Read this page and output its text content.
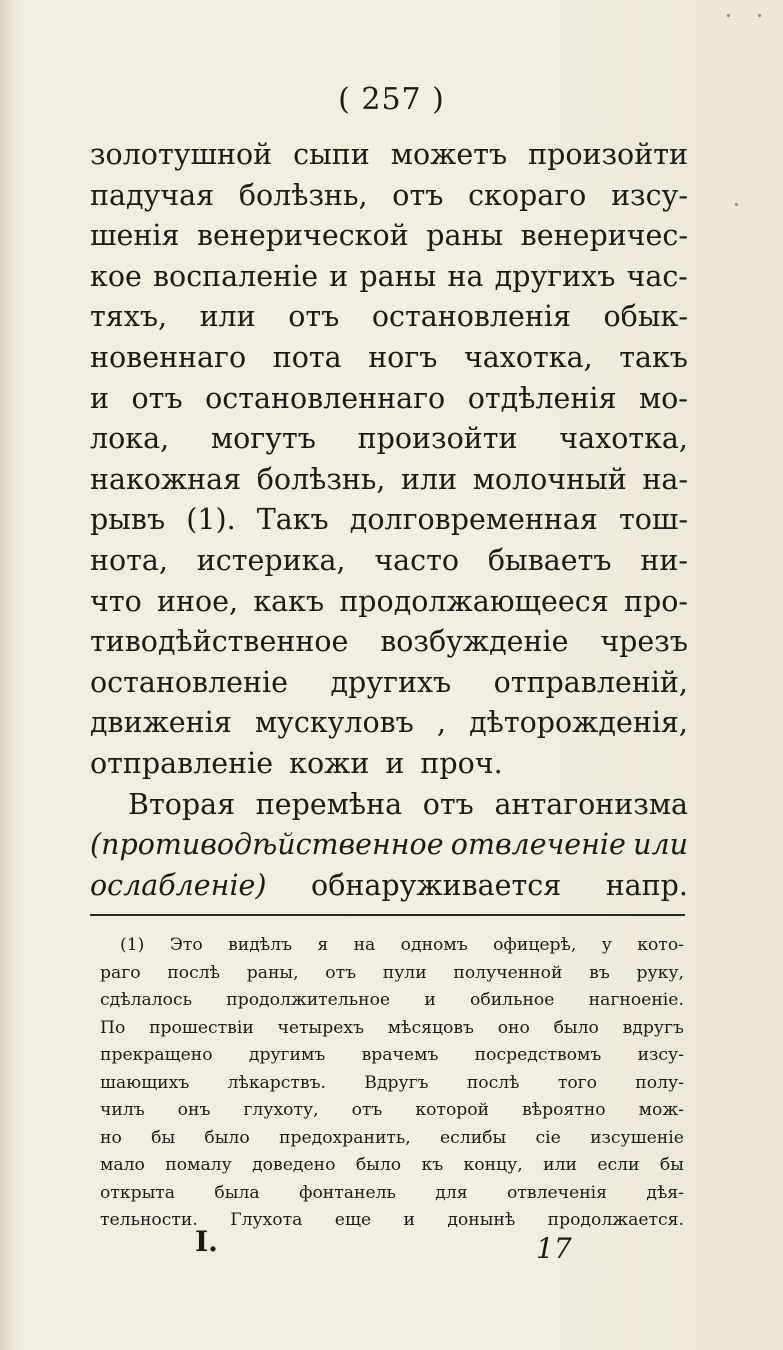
( 257 )
золотушной сыпи можетъ произойти
падучая болѣзнь, отъ скораго изсу-
шенія венерической раны венеричес-
кое воспаленіе и раны на другихъ час-
тяхъ, или отъ остановленія обык-
новеннаго пота ногъ чахотка, такъ
и отъ остановленнаго отдѣленія мо-
лока, могутъ произойти чахотка,
накожная болѣзнь, или молочный на-
рывъ (1). Такъ долговременная тош-
нота, истерика, часто бываетъ ни-
что иное, какъ продолжающееся про-
тиводѣйственное возбужденіе чрезъ
остановленіе другихъ отправленій,
движенія мускуловъ , дѣторожденія,
отправленіе кожи и проч.
Вторая перемѣна отъ антагонизма
(противодѣйственное отвлеченіе или
ослабленіе) обнаруживается напр.
(1) Это видѣлъ я на одномъ офицерѣ, у кото-
раго послѣ раны, отъ пули полученной въ руку,
сдѣлалось продолжительное и обильное нагноеніе.
По прошествіи четырехъ мѣсяцовъ оно было вдругъ
прекращено другимъ врачемъ посредствомъ изсу-
шающихъ лѣкарствъ. Вдругъ послѣ того полу-
чилъ онъ глухоту, отъ которой вѣроятно мож-
но бы было предохранить, еслибы сіе изсушеніе
мало помалу доведено было къ концу, или если бы
открыта была фонтанель для отвлеченія дѣя-
тельности. Глухота еще и донынѣ продолжается.
I.	17
